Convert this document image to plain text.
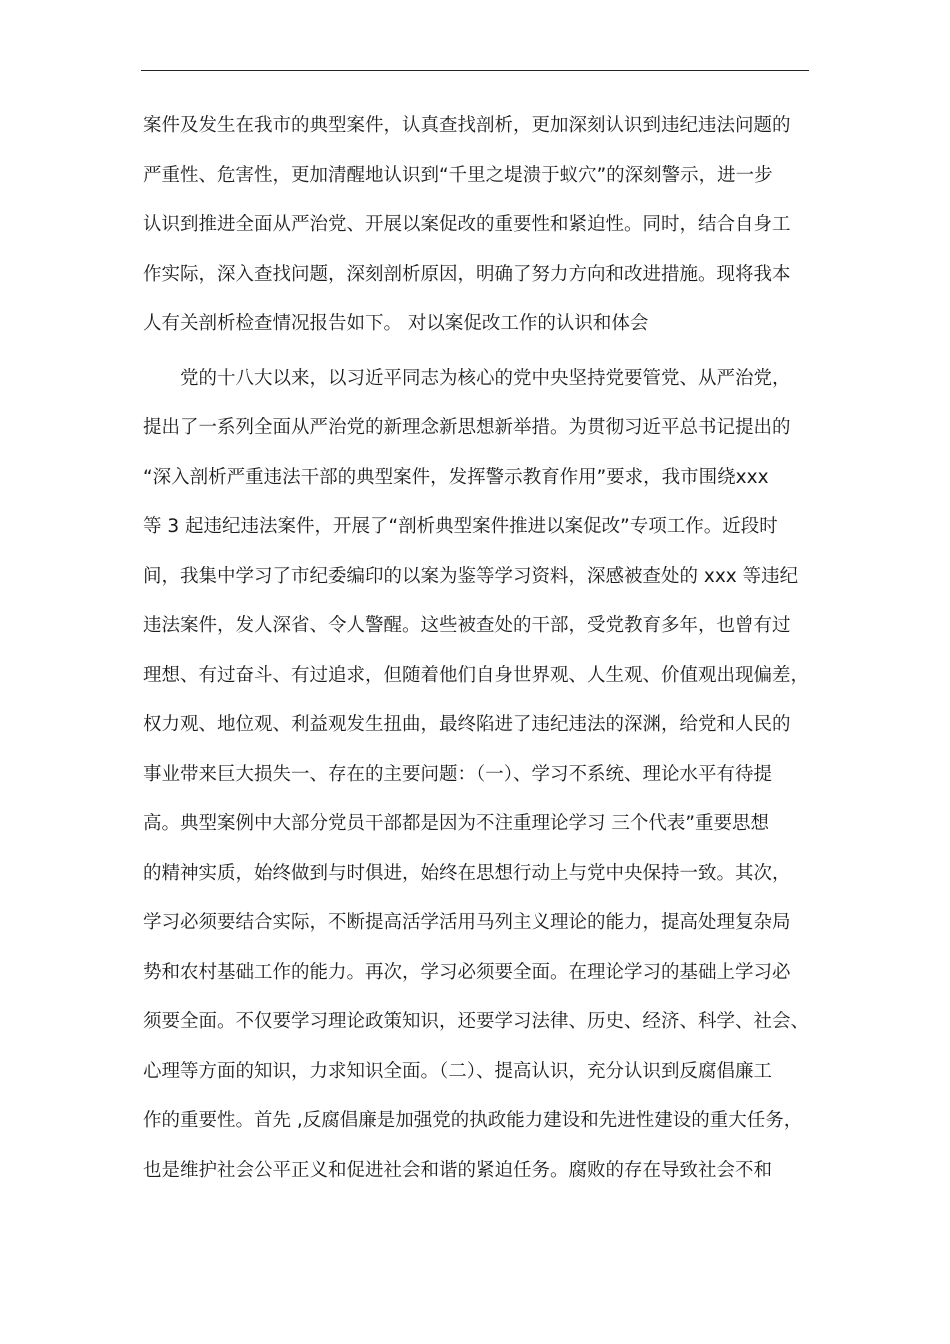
案件及发生在我市的典型案件，认真查找剖析，更加深刻认识到违纪违法问题的
严重性、危害性，更加清醒地认识到“千里之堤溃于蚁穴”的深刻警示，进一步
认识到推进全面从严治党、开展以案促改的重要性和紧迫性。同时，结合自身工
作实际，深入查找问题，深刻剖析原因，明确了努力方向和改进措施。现将我本
人有关剖析检查情况报告如下。 对以案促改工作的认识和体会
党的十八大以来，以习近平同志为核心的党中央坚持党要管党、从严治党，
提出了一系列全面从严治党的新理念新思想新举措。为贯彻习近平总书记提出的
“深入剖析严重违法干部的典型案件，发挥警示教育作用”要求，我市围绕xxx
等 3 起违纪违法案件，开展了“剖析典型案件推进以案促改”专项工作。近段时
间，我集中学习了市纪委编印的以案为鉴等学习资料，深感被查处的 xxx 等违纪
违法案件，发人深省、令人警醒。这些被查处的干部，受党教育多年，也曾有过
理想、有过奋斗、有过追求，但随着他们自身世界观、人生观、价值观出现偏差，
权力观、地位观、利益观发生扭曲，最终陷进了违纪违法的深渊，给党和人民的
事业带来巨大损失一、存在的主要问题：（一）、学习不系统、理论水平有待提
高。典型案例中大部分党员干部都是因为不注重理论学习 三个代表”重要思想
的精神实质，始终做到与时俱进，始终在思想行动上与党中央保持一致。其次，
学习必须要结合实际，不断提高活学活用马列主义理论的能力，提高处理复杂局
势和农村基础工作的能力。再次，学习必须要全面。在理论学习的基础上学习必
须要全面。不仅要学习理论政策知识，还要学习法律、历史、经济、科学、社会、
心理等方面的知识，力求知识全面。（二）、提高认识，充分认识到反腐倡廉工
作的重要性。首先 ,反腐倡廉是加强党的执政能力建设和先进性建设的重大任务，
也是维护社会公平正义和促进社会和谐的紧迫任务。腐败的存在导致社会不和
